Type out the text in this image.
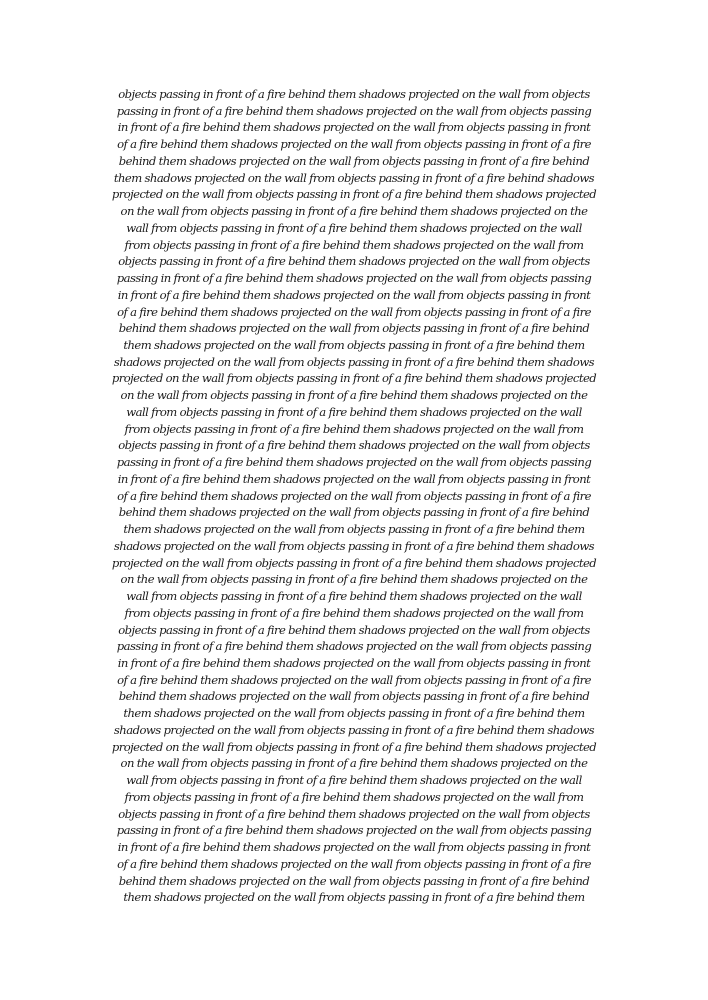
objects passing in front of a fire behind them shadows projected on the wall from objects
passing in front of a fire behind them shadows projected on the wall from objects passing
in front of a fire behind them shadows projected on the wall from objects passing in front
of a fire behind them shadows projected on the wall from objects passing in front of a fire
behind them shadows projected on the wall from objects passing in front of a fire behind
them shadows projected on the wall from objects passing in front of a fire behind shadows
projected on the wall from objects passing in front of a fire behind them shadows projected
on the wall from objects passing in front of a fire behind them shadows projected on the
wall from objects passing in front of a fire behind them shadows projected on the wall
from objects passing in front of a fire behind them shadows projected on the wall from
objects passing in front of a fire behind them shadows projected on the wall from objects
passing in front of a fire behind them shadows projected on the wall from objects passing
in front of a fire behind them shadows projected on the wall from objects passing in front
of a fire behind them shadows projected on the wall from objects passing in front of a fire
behind them shadows projected on the wall from objects passing in front of a fire behind
them shadows projected on the wall from objects passing in front of a fire behind them
shadows projected on the wall from objects passing in front of a fire behind them shadows
projected on the wall from objects passing in front of a fire behind them shadows projected
on the wall from objects passing in front of a fire behind them shadows projected on the
wall from objects passing in front of a fire behind them shadows projected on the wall
from objects passing in front of a fire behind them shadows projected on the wall from
objects passing in front of a fire behind them shadows projected on the wall from objects
passing in front of a fire behind them shadows projected on the wall from objects passing
in front of a fire behind them shadows projected on the wall from objects passing in front
of a fire behind them shadows projected on the wall from objects passing in front of a fire
behind them shadows projected on the wall from objects passing in front of a fire behind
them shadows projected on the wall from objects passing in front of a fire behind them
shadows projected on the wall from objects passing in front of a fire behind them shadows
projected on the wall from objects passing in front of a fire behind them shadows projected
on the wall from objects passing in front of a fire behind them shadows projected on the
wall from objects passing in front of a fire behind them shadows projected on the wall
from objects passing in front of a fire behind them shadows projected on the wall from
objects passing in front of a fire behind them shadows projected on the wall from objects
passing in front of a fire behind them shadows projected on the wall from objects passing
in front of a fire behind them shadows projected on the wall from objects passing in front
of a fire behind them shadows projected on the wall from objects passing in front of a fire
behind them shadows projected on the wall from objects passing in front of a fire behind
them shadows projected on the wall from objects passing in front of a fire behind them
shadows projected on the wall from objects passing in front of a fire behind them shadows
projected on the wall from objects passing in front of a fire behind them shadows projected
on the wall from objects passing in front of a fire behind them shadows projected on the
wall from objects passing in front of a fire behind them shadows projected on the wall
from objects passing in front of a fire behind them shadows projected on the wall from
objects passing in front of a fire behind them shadows projected on the wall from objects
passing in front of a fire behind them shadows projected on the wall from objects passing
in front of a fire behind them shadows projected on the wall from objects passing in front
of a fire behind them shadows projected on the wall from objects passing in front of a fire
behind them shadows projected on the wall from objects passing in front of a fire behind
them shadows projected on the wall from objects passing in front of a fire behind them
